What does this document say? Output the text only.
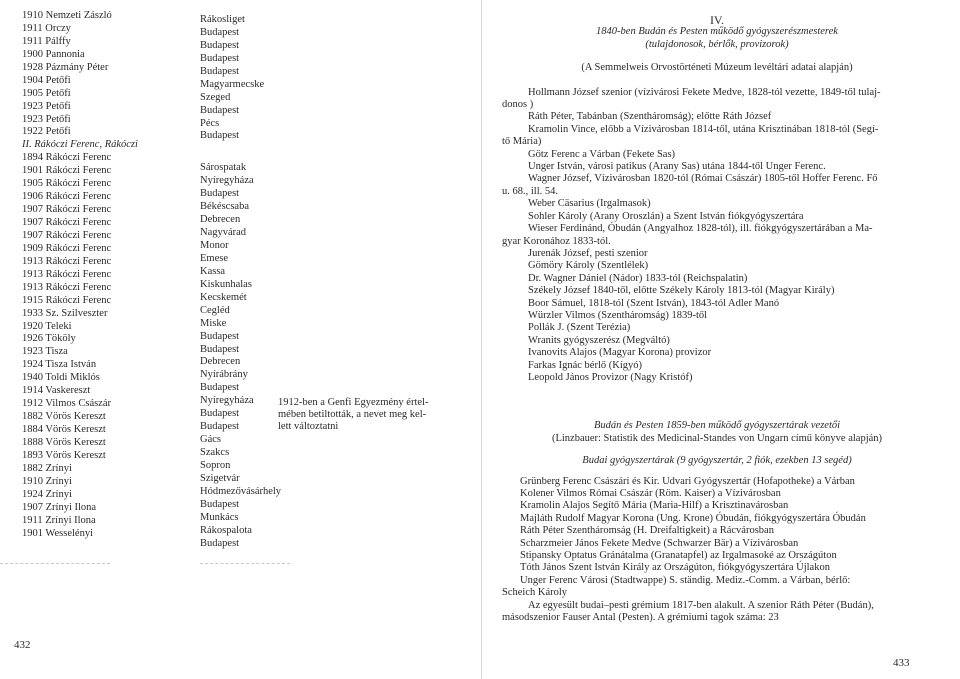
1910 Nemzeti Zászló
1911 Orczy
1911 Pálffy
1900 Pannonia
1928 Pázmány Péter
1904 Petőfi
1905 Petőfi
1923 Petőfi
1923 Petőfi
1922 Petőfi
II. Rákóczi Ferenc, Rákóczi
1894 Rákóczi Ferenc
1901 Rákóczi Ferenc
1905 Rákóczi Ferenc
1906 Rákóczi Ferenc
1907 Rákóczi Ferenc
1907 Rákóczi Ferenc
1907 Rákóczi Ferenc
1909 Rákóczi Ferenc
1913 Rákóczi Ferenc
1913 Rákóczi Ferenc
1913 Rákóczi Ferenc
1915 Rákóczi Ferenc
1933 Sz. Szilveszter
1920 Teleki
1926 Tököly
1923 Tisza
1924 Tisza István
1940 Toldi Miklós
1914 Vaskereszt
1912 Vilmos Császár
1882 Vörös Kereszt
1884 Vörös Kereszt
1888 Vörös Kereszt
1893 Vörös Kereszt
1882 Zrínyi
1910 Zrínyi
1924 Zrínyi
1907 Zrínyi Ilona
1911 Zrínyi Ilona
1901 Wesselényi
Rákosliget
Budapest
Budapest
Budapest
Budapest
Magyarmecske
Szeged
Budapest
Pécs
Budapest
Sárospatak
Nyíregyháza
Budapest
Békéscsaba
Debrecen
Nagyvárad
Monor
Emese
Kassa
Kiskunhalas
Kecskemét
Cegléd
Miske
Budapest
Budapest
Debrecen
Nyírábrány
Budapest
Nyíregyháza
Budapest
Budapest
Gács
Szakcs
Sopron
Szigetvár
Hódmezővásárhely
Budapest
Munkács
Rákospalota
Budapest
1912-ben a Genfi Egyezmény értel-
mében betiltották, a nevet meg kel-
lett változtatni
432
IV.
1840-ben Budán és Pesten működő gyógyszerészmesterek
(tulajdonosok, bérlők, provizorok)
(A Semmelweis Orvostörténeti Múzeum levéltári adatai alapján)
Hollmann József szenior (vízivárosi Fekete Medve, 1828-tól vezette, 1849-től tulaj-
donos )
Ráth Péter, Tabánban (Szentháromság); előtte Ráth József
Kramolin Vince, előbb a Vízivárosban 1814-től, utána Krisztinában 1818-tól (Segí-
tő Mária)
Götz Ferenc a Várban (Fekete Sas)
Unger István, városi patikus (Arany Sas) utána 1844-től Unger Ferenc.
Wagner József, Vízivárosban 1820-tól (Római Császár) 1805-től Hoffer Ferenc. Fő
u. 68., ill. 54.
Weber Cäsarius (Irgalmasok)
Sohler Károly (Arany Oroszlán) a Szent István fiókgyógyszertára
Wieser Ferdinánd, Óbudán (Angyalhoz 1828-tól), ill. fiókgyógyszertárában a Ma-
gyar Koronához 1833-tól.
Jurenák József, pesti szenior
Gömöry Károly (Szentlélek)
Dr. Wagner Dániel (Nádor) 1833-tól (Reichspalatin)
Székely József 1840-től, előtte Székely Károly 1813-tól (Magyar Király)
Boor Sámuel, 1818-tól (Szent István), 1843-tól Adler Manó
Würzler Vilmos (Szentháromság) 1839-től
Pollák J. (Szent Terézia)
Wranits gyógyszerész (Megváltó)
Ivanovits Alajos (Magyar Korona) provizor
Farkas Ignác bérlő (Kígyó)
Leopold János Provizor (Nagy Kristóf)
Budán és Pesten 1859-ben működő gyógyszertárak vezetői
(Linzbauer: Statistik des Medicinal-Standes von Ungarn című könyve alapján)
Budai gyógyszertárak (9 gyógyszertár, 2 fiók, ezekben 13 segéd)
Grünberg Ferenc Császári és Kir. Udvari Gyógyszertár (Hofapotheke) a Várban
Kolener Vilmos Római Császár (Röm. Kaiser) a Vízivárosban
Kramolin Alajos Segítő Mária (Maria-Hilf) a Krisztinavárosban
Majláth Rudolf Magyar Korona (Ung. Krone) Óbudán, fiókgyógyszertára Óbudán
Ráth Péter Szentháromság (H. Dreifaltigkeit) a Rácvárosban
Scharzmeier János Fekete Medve (Schwarzer Bär) a Vízivárosban
Stipansky Optatus Gránátalma (Granatapfel) az Irgalmasoké az Országúton
Tóth János Szent István Király az Országúton, fiókgyógyszertára Újlakon
Unger Ferenc Városi (Stadtwappe) S. ständig. Mediz.-Comm. a Várban, bérlő:
Scheich Károly
Az egyesült budai–pesti grémium 1817-ben alakult. A szenior Ráth Péter (Budán),
másodszenior Fauser Antal (Pesten). A grémiumi tagok száma: 23
433
